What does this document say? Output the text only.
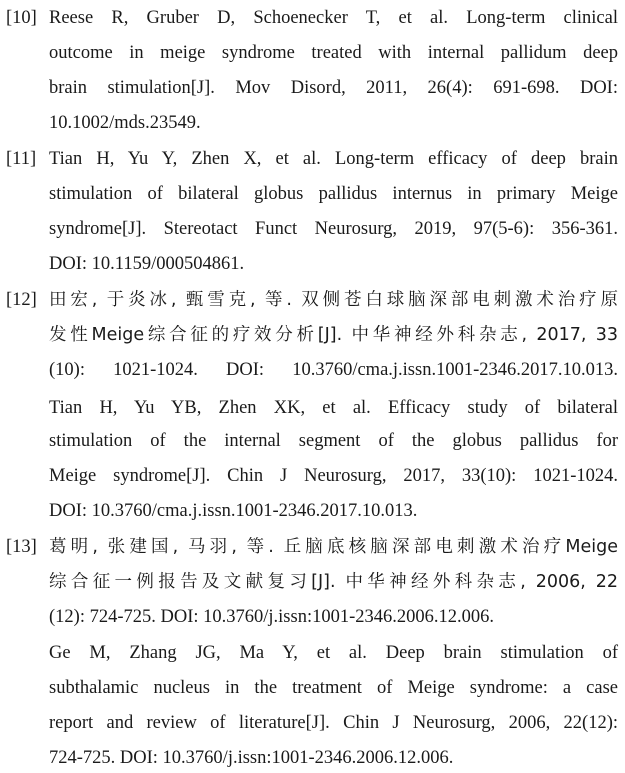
[10] Reese R, Gruber D, Schoenecker T, et al. Long-term clinical
outcome in meige syndrome treated with internal pallidum deep
brain stimulation[J]. Mov Disord, 2011, 26(4): 691-698. DOI:
10.1002/mds.23549.
[11] Tian H, Yu Y, Zhen X, et al. Long-term efficacy of deep brain
stimulation of bilateral globus pallidus internus in primary Meige
syndrome[J]. Stereotact Funct Neurosurg, 2019, 97(5-6): 356-361.
DOI: 10.1159/000504861.
[12] 田宏, 于炎冰, 甄雪克, 等. 双侧苍白球脑深部电刺激术治疗原
发性Meige综合征的疗效分析[J]. 中华神经外科杂志, 2017, 33
(10): 1021-1024. DOI: 10.3760/cma.j.issn.1001-2346.2017.10.013.
Tian H, Yu YB, Zhen XK, et al. Efficacy study of bilateral
stimulation of the internal segment of the globus pallidus for
Meige syndrome[J]. Chin J Neurosurg, 2017, 33(10): 1021-1024.
DOI: 10.3760/cma.j.issn.1001-2346.2017.10.013.
[13] 葛明, 张建国, 马羽, 等. 丘脑底核脑深部电刺激术治疗Meige
综合征一例报告及文献复习[J]. 中华神经外科杂志, 2006, 22
(12): 724-725. DOI: 10.3760/j.issn:1001-2346.2006.12.006.
Ge M, Zhang JG, Ma Y, et al. Deep brain stimulation of
subthalamic nucleus in the treatment of Meige syndrome: a case
report and review of literature[J]. Chin J Neurosurg, 2006, 22(12):
724-725. DOI: 10.3760/j.issn:1001-2346.2006.12.006.
